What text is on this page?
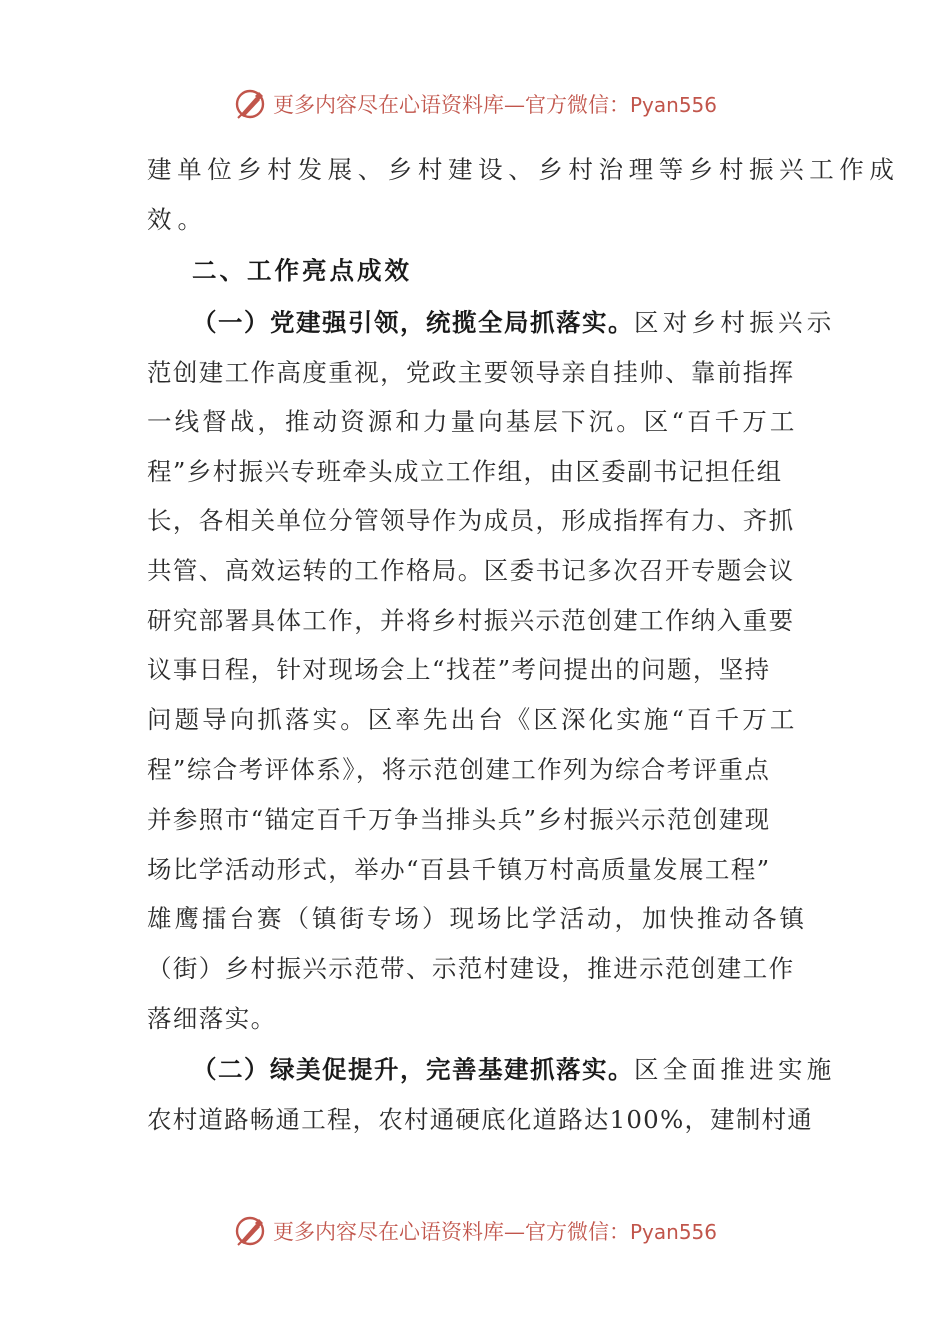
更多内容尽在心语资料库—官方微信：Pyan556
建单位乡村发展、乡村建设、乡村治理等乡村振兴工作成
效。
二、工作亮点成效
（一）党建强引领，统揽全局抓落实。区对乡村振兴示
范创建工作高度重视，党政主要领导亲自挂帅、靠前指挥
一线督战，推动资源和力量向基层下沉。区“百千万工
程”乡村振兴专班牵头成立工作组，由区委副书记担任组
长，各相关单位分管领导作为成员，形成指挥有力、齐抓
共管、高效运转的工作格局。区委书记多次召开专题会议
研究部署具体工作，并将乡村振兴示范创建工作纳入重要
议事日程，针对现场会上“找茬”考问提出的问题，坚持
问题导向抓落实。区率先出台《区深化实施“百千万工
程”综合考评体系》，将示范创建工作列为综合考评重点
并参照市“锚定百千万争当排头兵”乡村振兴示范创建现
场比学活动形式，举办“百县千镇万村高质量发展工程”
雄鹰擂台赛（镇街专场）现场比学活动，加快推动各镇
（街）乡村振兴示范带、示范村建设，推进示范创建工作
落细落实。
（二）绿美促提升，完善基建抓落实。区全面推进实施
农村道路畅通工程，农村通硬底化道路达100%，建制村通
更多内容尽在心语资料库—官方微信：Pyan556
